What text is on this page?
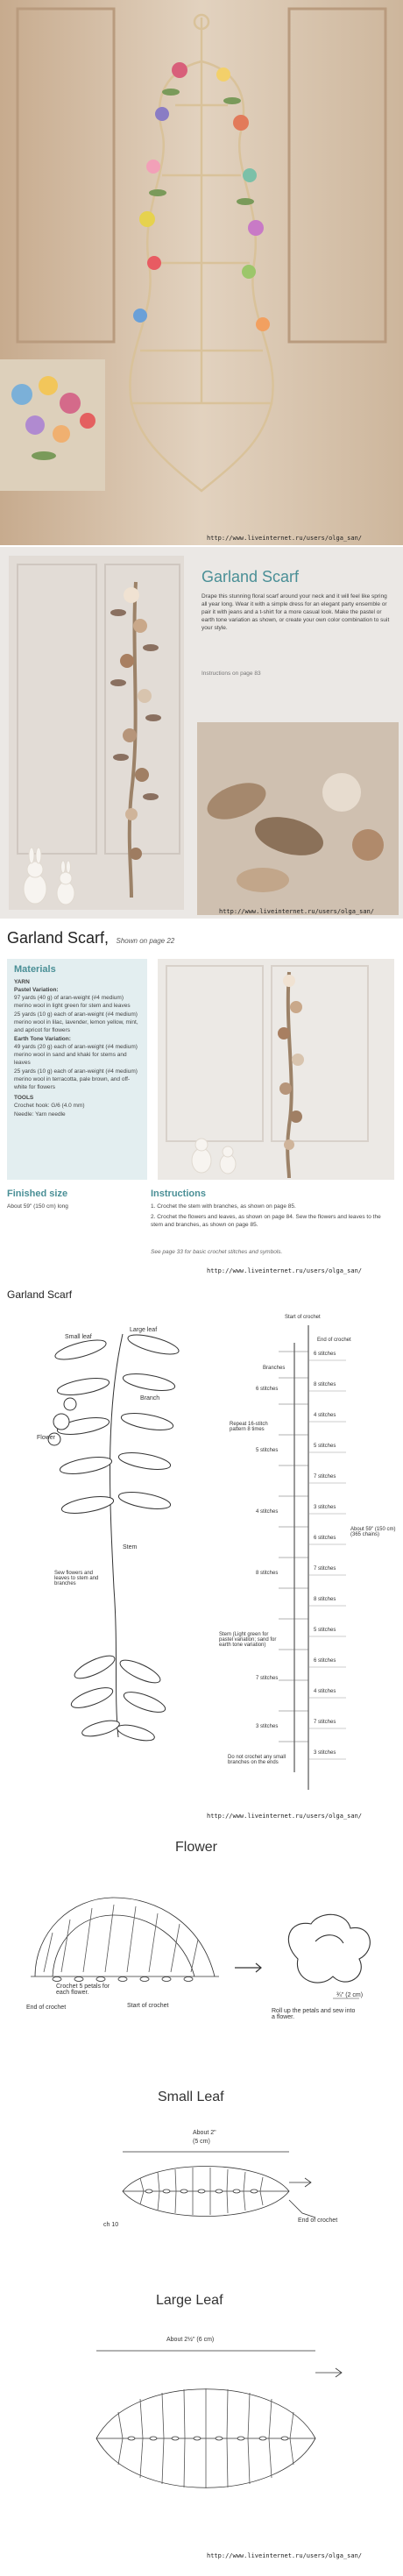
http://www.liveinternet.ru/users/olga_san/
Garland Scarf
Drape this stunning floral scarf around your neck and it will feel like spring all year long. Wear it with a simple dress for an elegant party ensemble or pair it with jeans and a t-shirt for a more casual look. Make the pastel or earth tone variation as shown, or create your own color combination to suit your style.
Instructions on page 83
http://www.liveinternet.ru/users/olga_san/
Garland Scarf, Shown on page 22
Materials
YARN
Pastel Variation:
97 yards (40 g) of aran-weight (#4 medium) merino wool in light green for stem and leaves
25 yards (10 g) each of aran-weight (#4 medium) merino wool in lilac, lavender, lemon yellow, mint, and apricot for flowers
Earth Tone Variation:
49 yards (20 g) each of aran-weight (#4 medium) merino wool in sand and khaki for stems and leaves
25 yards (10 g) each of aran-weight (#4 medium) merino wool in terracotta, pale brown, and off-white for flowers
TOOLS
Crochet hook: G/6 (4.0 mm)
Needle: Yarn needle
Finished size
About 59" (150 cm) long
Instructions
1. Crochet the stem with branches, as shown on page 85.
2. Crochet the flowers and leaves, as shown on page 84. Sew the flowers and leaves to the stem and branches, as shown on page 85.
See page 33 for basic crochet stitches and symbols.
http://www.liveinternet.ru/users/olga_san/
Garland Scarf
Small leaf
Large leaf
Branch
Flower
Stem
Sew flowers and leaves to stem and branches
Start of crochet
End of crochet
Branches
Repeat 16-stitch pattern 8 times
About 59" (150 cm) (365 chains)
Stem (Light green for pastel variation; sand for earth tone variation)
Do not crochet any small branches on the ends
6 stitches
8 stitches
4 stitches
5 stitches
7 stitches
3 stitches
6 stitches
7 stitches
8 stitches
5 stitches
6 stitches
4 stitches
7 stitches
3 stitches
6 stitches
5 stitches
4 stitches
8 stitches
7 stitches
3 stitches
http://www.liveinternet.ru/users/olga_san/
Flower
Crochet 5 petals for each flower.
End of crochet	Start of crochet
¾" (2 cm)
Roll up the petals and sew into a flower.
Small Leaf
About 2"
(5 cm)
ch 10
End of crochet
Large Leaf
About 2½" (6 cm)
http://www.liveinternet.ru/users/olga_san/
